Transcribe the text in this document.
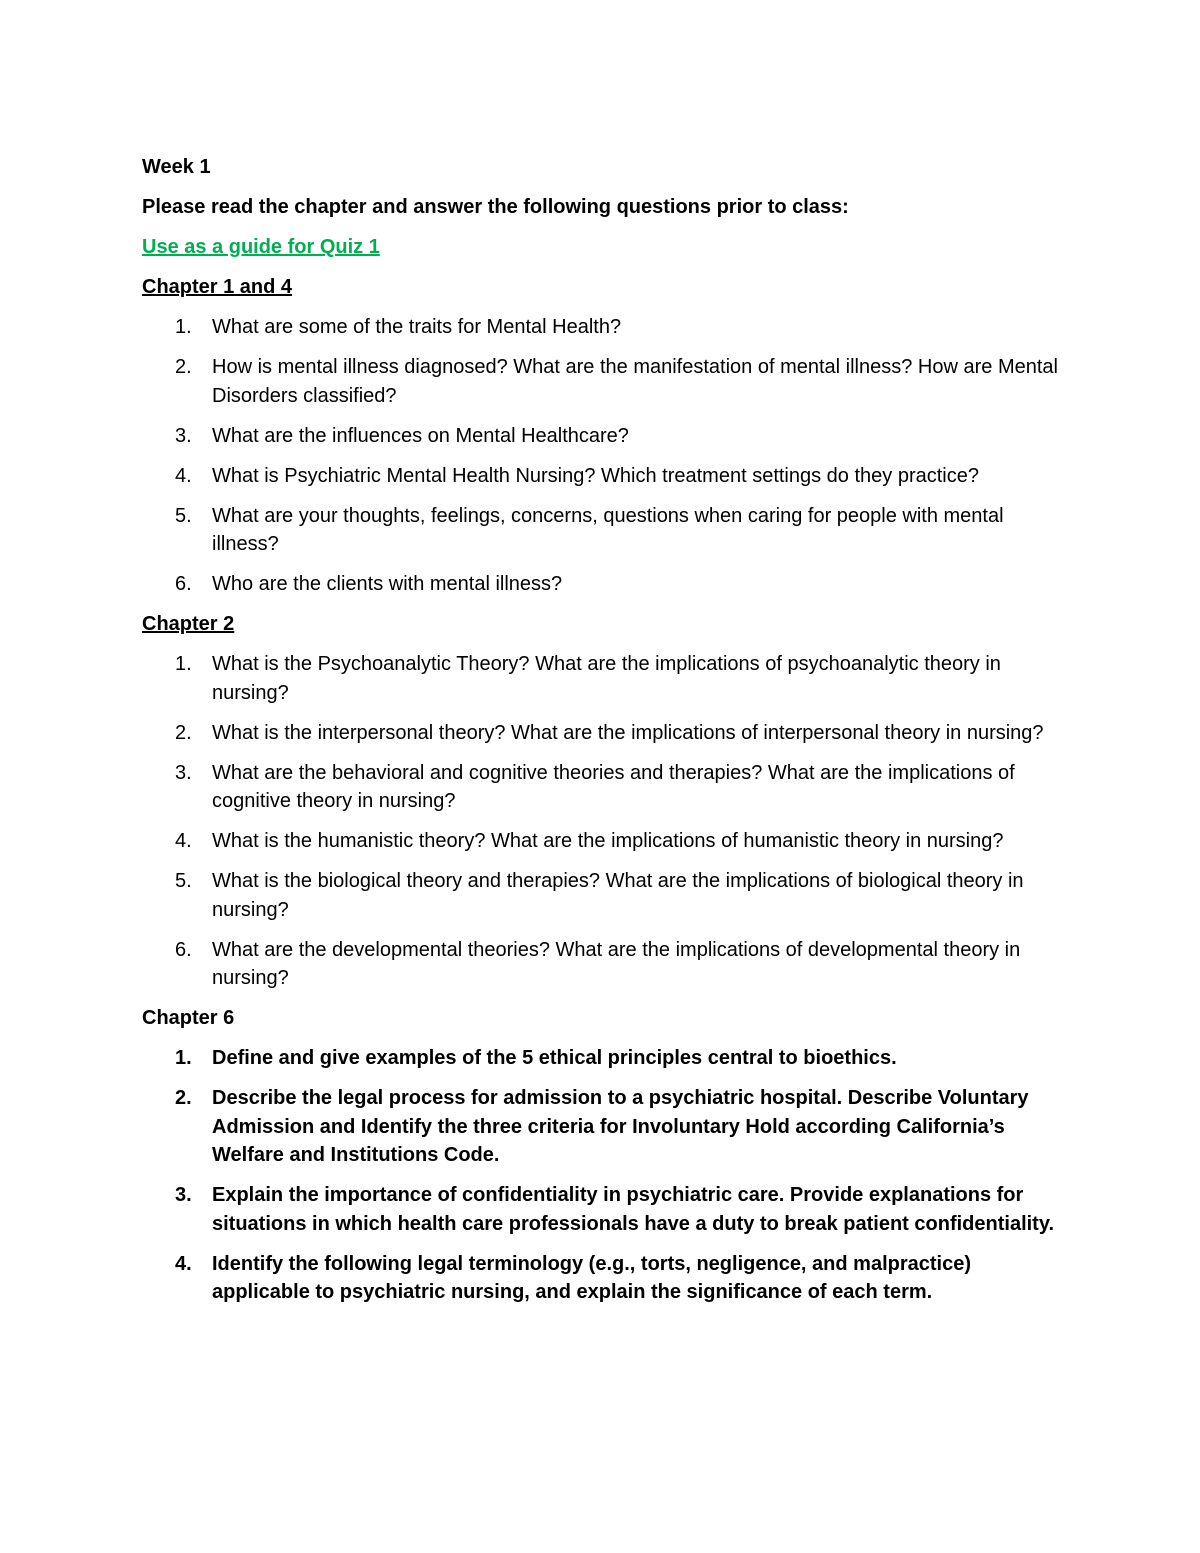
Week 1
Please read the chapter and answer the following questions prior to class:
Use as a guide for Quiz 1
Chapter 1 and 4
1.	What are some of the traits for Mental Health?
2.	How is mental illness diagnosed? What are the manifestation of mental illness? How are Mental Disorders classified?
3.	What are the influences on Mental Healthcare?
4.	What is Psychiatric Mental Health Nursing? Which treatment settings do they practice?
5.	What are your thoughts, feelings, concerns, questions when caring for people with mental illness?
6.	Who are the clients with mental illness?
Chapter 2
1.	What is the Psychoanalytic Theory? What are the implications of psychoanalytic theory in nursing?
2.	What is the interpersonal theory? What are the implications of interpersonal theory in nursing?
3.	What are the behavioral and cognitive theories and therapies? What are the implications of cognitive theory in nursing?
4.	What is the humanistic theory? What are the implications of humanistic theory in nursing?
5.	What is the biological theory and therapies? What are the implications of biological theory in nursing?
6.	What are the developmental theories? What are the implications of developmental theory in nursing?
Chapter 6
1.	Define and give examples of the 5 ethical principles central to bioethics.
2.	Describe the legal process for admission to a psychiatric hospital. Describe Voluntary Admission and Identify the three criteria for Involuntary Hold according California’s Welfare and Institutions Code.
3.	Explain the importance of confidentiality in psychiatric care. Provide explanations for situations in which health care professionals have a duty to break patient confidentiality.
4.	Identify the following legal terminology (e.g., torts, negligence, and malpractice) applicable to psychiatric nursing, and explain the significance of each term.
